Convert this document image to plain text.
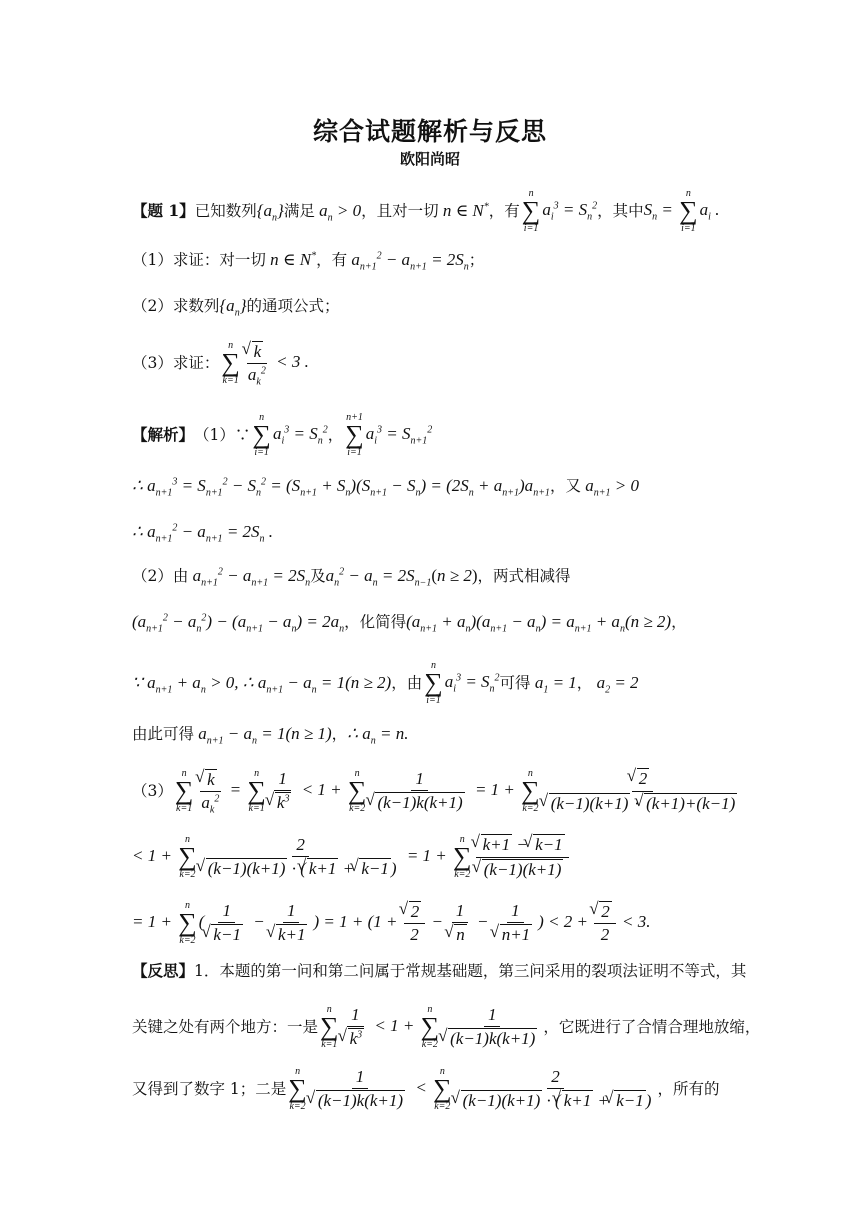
综合试题解析与反思
欧阳尚昭
【题 1】 已知数列 $\{a_n\}$ 满足 $a_n > 0$ ，且对一切 n ∈ N* ，有
n
∑
i=1
$a_i^3 = S_n^2$ ，其中 $S_n$ =
n
∑
i=1
$a_i$ .
（1）求证：对一切 n ∈ N* ，有 $a_{n+1}^2 - a_{n+1} = 2S_n$ ；
（2）求数列 $\{a_n\}$ 的通项公式；
（3）求证：
n
∑
k=1 √ $\frac{k}{a_k^2} < 3$ .
【解析】 （1）∵
n
∑
i=1
$a_i^3 = S_n^2$ ，
n+1
∑
i=1
$a_i^3 = S_{n+1}^2$
∴ $a_{n+1}^3 = S_{n+1}^2 - S_n^2 = (S_{n+1} + S_n)(S_{n+1} - S_n) = (2S_n + a_{n+1})a_{n+1}$ ， 又 $a_{n+1} > 0$
∴ $a_{n+1}^2 - a_{n+1} = 2S_n$ .
（2）由 $a_{n+1}^2 - a_{n+1} = 2S_n$ 及 $a_n^2 - a_n = 2S_{n-1}(n \ge 2)$ ，两式相减得
$(a_{n+1}^2 - a_n^2) - (a_{n+1} - a_n) = 2a_n$ ，化简得 $(a_{n+1} + a_n)(a_{n+1} - a_n) = a_{n+1} + a_n(n \ge 2)$ ，
∵ $a_{n+1} + a_n > 0$, ∴ $a_{n+1} - a_n = 1(n \ge 2)$ ，由
n
∑
i=1
$a_i^3 = S_n^2$ 可得 $a_1 = 1$ ， $a_2 = 2$
由此可得 $a_{n+1} - a_n = 1(n \ge 1)$ ， ∴ $a_n = n$.
（3）
n
∑
k=1 √ $\frac{k}{a_k^2}$ =
n
∑
k=1 1
√ $k^3 < 1$ +
n
∑
k=2 1
√ (k−1)k(k+1) = 1 +
n
∑
k=2 √ 2
√ (k−1)(k+1) · √ (k+1)+(k−1)
< 1 +
n
∑
k=2 2
√ (k−1)(k+1) · ( √ k+1 + √ k−1 ) = 1 +
n
∑
k=2 √ k+1 − √ k−1
√ (k−1)(k+1)
= 1 +
n
∑
k=2
( 1
√ k−1 − 1
√ k+1 ) = 1 + (1 + √ $\frac{2}{2} - 1$
√ n − 1
√ n+1 ) < 2 + √ $\frac{2}{2} < 3$.
【反思】 1．本题的第一问和第二问属于常规基础题，第三问采用的裂项法证明不等式，其
关键之处有两个地方：一是
n
∑
k=1 1
√ $k^3 < 1$ +
n
∑
k=2 1
√ (k−1)k(k+1) ，它既进行了合情合理地放缩，
又得到了数字 1；二是
n
∑
k=2 1
√ (k−1)k(k+1) <
n
∑
k=2 2
√ (k−1)(k+1) · ( √ k+1 + √ k−1 ) ，所有的
